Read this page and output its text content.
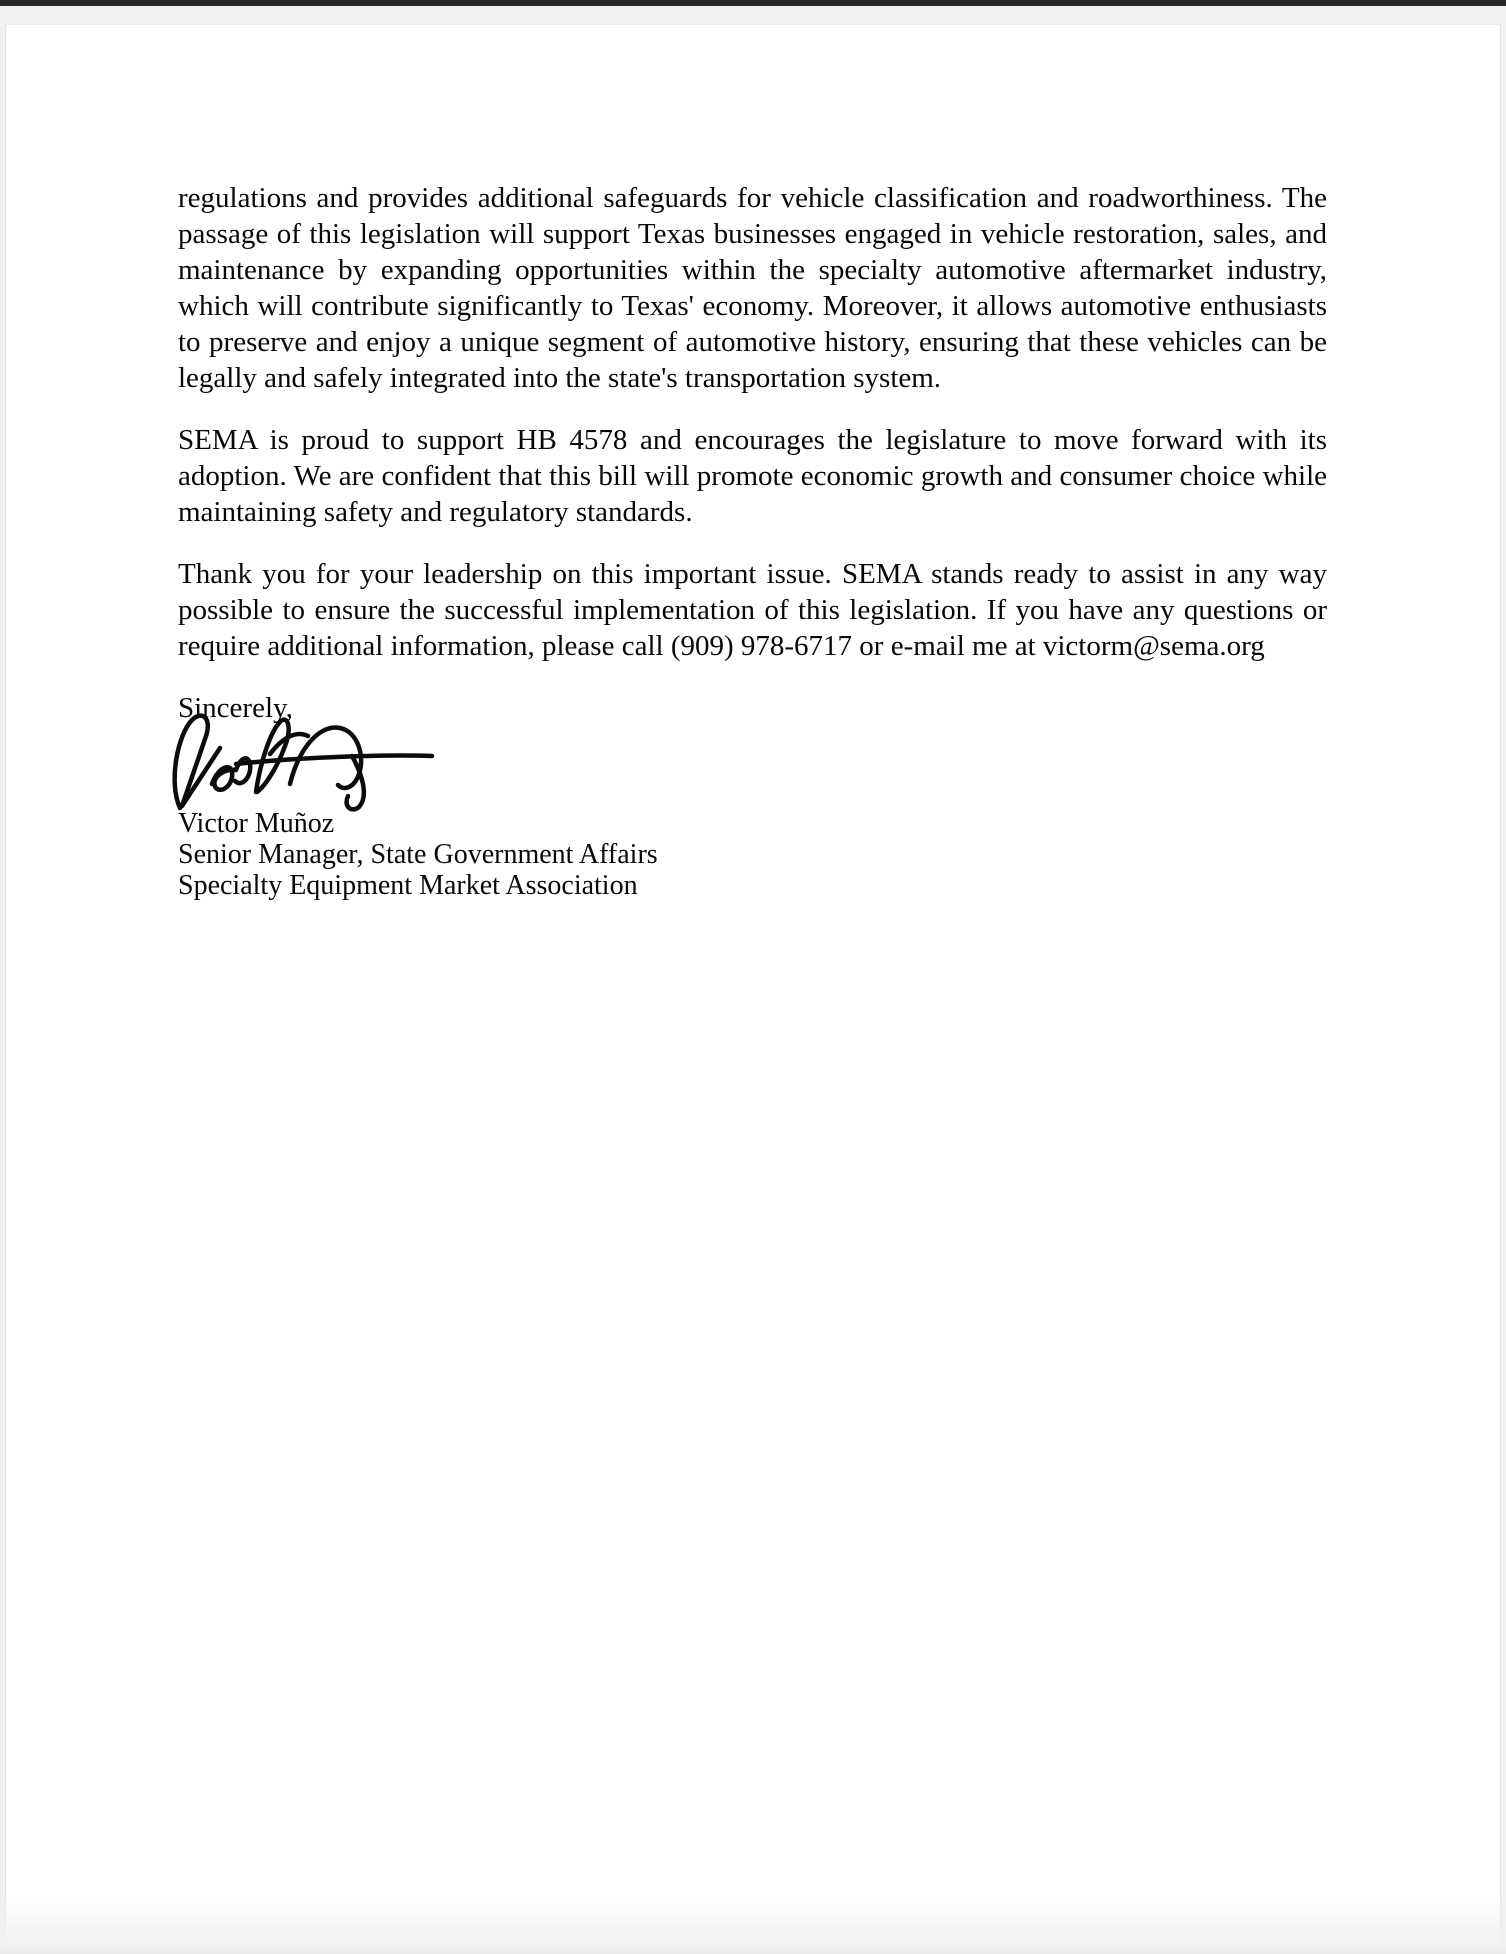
regulations and provides additional safeguards for vehicle classification and roadworthiness. The passage of this legislation will support Texas businesses engaged in vehicle restoration, sales, and maintenance by expanding opportunities within the specialty automotive aftermarket industry, which will contribute significantly to Texas' economy. Moreover, it allows automotive enthusiasts to preserve and enjoy a unique segment of automotive history, ensuring that these vehicles can be legally and safely integrated into the state's transportation system.

SEMA is proud to support HB 4578 and encourages the legislature to move forward with its adoption. We are confident that this bill will promote economic growth and consumer choice while maintaining safety and regulatory standards.

Thank you for your leadership on this important issue. SEMA stands ready to assist in any way possible to ensure the successful implementation of this legislation. If you have any questions or require additional information, please call (909) 978-6717 or e-mail me at victorm@sema.org

Sincerely,

Victor Muñoz
Senior Manager, State Government Affairs
Specialty Equipment Market Association
